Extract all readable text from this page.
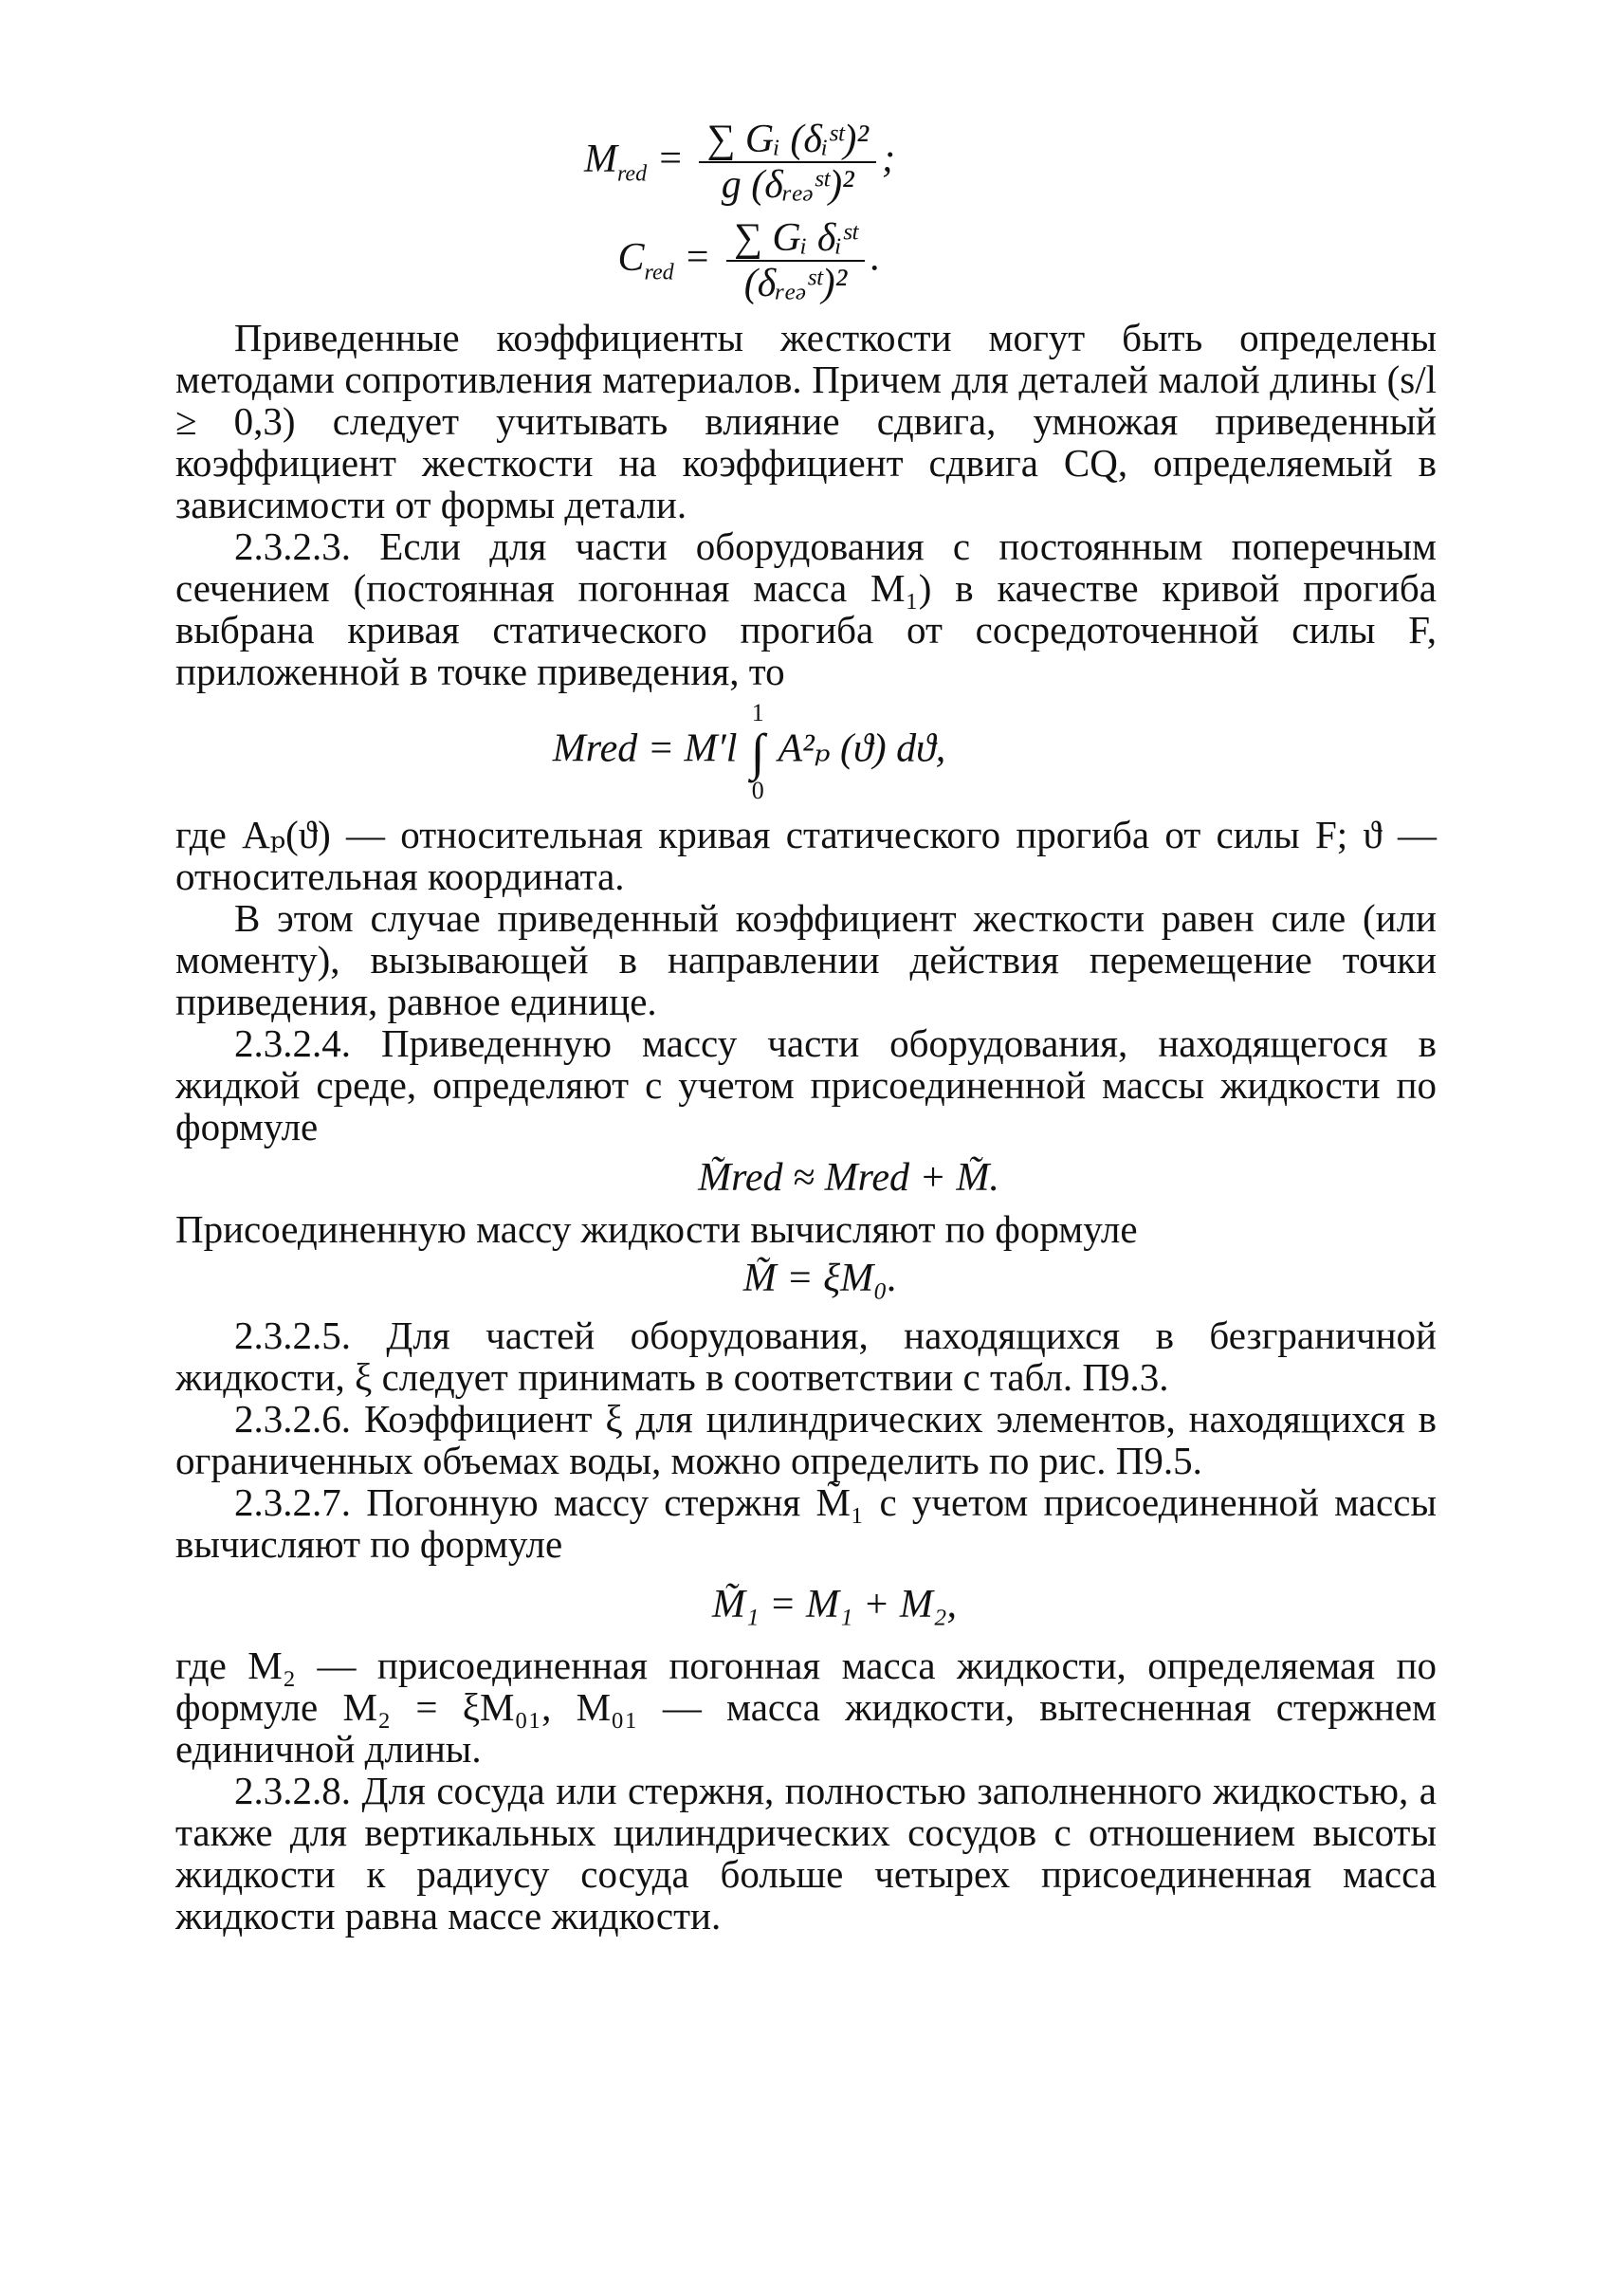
$M_{red} = \frac{\text{∑ Gᵢ (δᵢˢᵗ)²}}{\text{g (δᵣₑₔˢᵗ)²}}$ ;
$C_{red} = \frac{\text{∑ Gᵢ δᵢˢᵗ}}{\text{(δᵣₑₔˢᵗ)²}}$ .

Приведенные коэффициенты жесткости могут быть определены методами сопротивления материалов. Причем для деталей малой длины (s/l ≥ 0,3) следует учитывать влияние сдвига, умножая приведенный коэффициент жесткости на коэффициент сдвига CQ, определяемый в зависимости от формы детали.

2.3.2.3. Если для части оборудования с постоянным поперечным сечением (постоянная погонная масса M₁) в качестве кривой прогиба выбрана кривая статического прогиба от сосредоточенной силы F, приложенной в точке приведения, то

Mred = M′l
1
∫
0
A²ₚ (ϑ) dϑ,

где Aₚ(ϑ) — относительная кривая статического прогиба от силы F; ϑ — относительная координата.

В этом случае приведенный коэффициент жесткости равен силе (или моменту), вызывающей в направлении действия перемещение точки приведения, равное единице.

2.3.2.4. Приведенную массу части оборудования, находящегося в жидкой среде, определяют с учетом присоединенной массы жидкости по формуле

M̃red ≈ Mred + M̃.

Присоединенную массу жидкости вычисляют по формуле

M̃ = ξM₀.

2.3.2.5. Для частей оборудования, находящихся в безграничной жидкости, ξ следует принимать в соответствии с табл. П9.3.

2.3.2.6. Коэффициент ξ для цилиндрических элементов, находящихся в ограниченных объемах воды, можно определить по рис. П9.5.

2.3.2.7. Погонную массу стержня M̃₁ с учетом присоединенной массы вычисляют по формуле

M̃₁ = M₁ + M₂,

где M₂ — присоединенная погонная масса жидкости, определяемая по формуле M₂ = ξM₀₁, M₀₁ — масса жидкости, вытесненная стержнем единичной длины.

2.3.2.8. Для сосуда или стержня, полностью заполненного жидкостью, а также для вертикальных цилиндрических сосудов с отношением высоты жидкости к радиусу сосуда больше четырех присоединенная масса жидкости равна массе жидкости.
